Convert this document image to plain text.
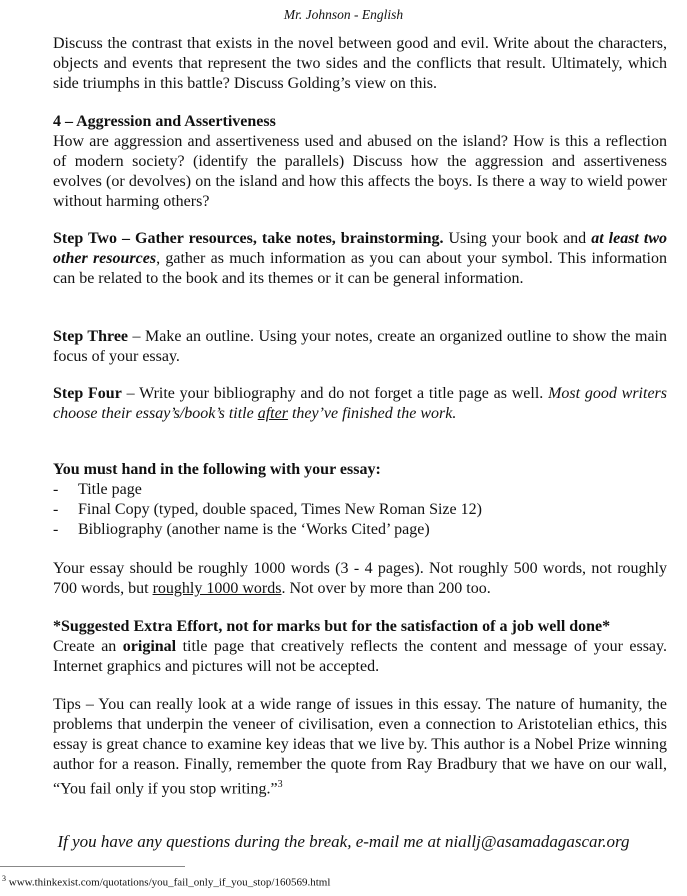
Mr. Johnson - English
Discuss the contrast that exists in the novel between good and evil. Write about the characters, objects and events that represent the two sides and the conflicts that result. Ultimately, which side triumphs in this battle? Discuss Golding’s view on this.
4 – Aggression and Assertiveness
How are aggression and assertiveness used and abused on the island? How is this a reflection of modern society? (identify the parallels) Discuss how the aggression and assertiveness evolves (or devolves) on the island and how this affects the boys. Is there a way to wield power without harming others?
Step Two – Gather resources, take notes, brainstorming. Using your book and at least two other resources, gather as much information as you can about your symbol. This information can be related to the book and its themes or it can be general information.
Step Three – Make an outline. Using your notes, create an organized outline to show the main focus of your essay.
Step Four – Write your bibliography and do not forget a title page as well. Most good writers choose their essay’s/book’s title after they’ve finished the work.
You must hand in the following with your essay:
-	Title page
-	Final Copy (typed, double spaced, Times New Roman Size 12)
-	Bibliography (another name is the ‘Works Cited’ page)
Your essay should be roughly 1000 words (3 - 4 pages). Not roughly 500 words, not roughly 700 words, but roughly 1000 words. Not over by more than 200 too.
*Suggested Extra Effort, not for marks but for the satisfaction of a job well done*
Create an original title page that creatively reflects the content and message of your essay. Internet graphics and pictures will not be accepted.
Tips – You can really look at a wide range of issues in this essay. The nature of humanity, the problems that underpin the veneer of civilisation, even a connection to Aristotelian ethics, this essay is great chance to examine key ideas that we live by. This author is a Nobel Prize winning author for a reason. Finally, remember the quote from Ray Bradbury that we have on our wall, “You fail only if you stop writing.”$^3$
If you have any questions during the break, e-mail me at niallj@asamadagascar.org
$^3$ www.thinkexist.com/quotations/you_fail_only_if_you_stop/160569.html
